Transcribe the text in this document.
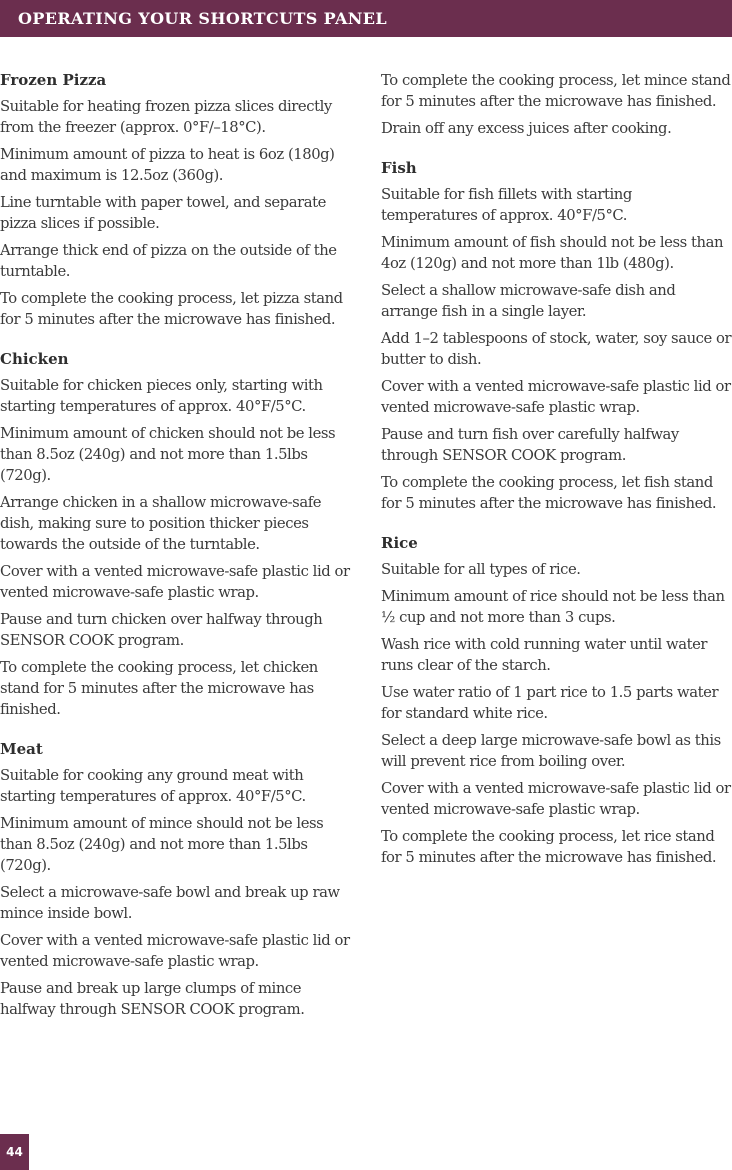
OPERATING YOUR SHORTCUTS PANEL
Frozen Pizza

Suitable for heating frozen pizza slices directly from the freezer (approx. 0°F/–18°C).

Minimum amount of pizza to heat is 6oz (180g) and maximum is 12.5oz (360g).

Line turntable with paper towel, and separate pizza slices if possible.

Arrange thick end of pizza on the outside of the turntable.

To complete the cooking process, let pizza stand for 5 minutes after the microwave has finished.

Chicken

Suitable for chicken pieces only, starting with starting temperatures of approx. 40°F/5°C.

Minimum amount of chicken should not be less than 8.5oz (240g) and not more than 1.5lbs (720g).

Arrange chicken in a shallow microwave-safe dish, making sure to position thicker pieces towards the outside of the turntable.

Cover with a vented microwave-safe plastic lid or vented microwave-safe plastic wrap.

Pause and turn chicken over halfway through SENSOR COOK program.

To complete the cooking process, let chicken stand for 5 minutes after the microwave has finished.

Meat

Suitable for cooking any ground meat with starting temperatures of approx. 40°F/5°C.

Minimum amount of mince should not be less than 8.5oz (240g) and not more than 1.5lbs (720g).

Select a microwave-safe bowl and break up raw mince inside bowl.

Cover with a vented microwave-safe plastic lid or vented microwave-safe plastic wrap.

Pause and break up large clumps of mince halfway through SENSOR COOK program.

To complete the cooking process, let mince stand for 5 minutes after the microwave has finished.

Drain off any excess juices after cooking.

Fish

Suitable for fish fillets with starting temperatures of approx. 40°F/5°C.

Minimum amount of fish should not be less than 4oz (120g) and not more than 1lb (480g).

Select a shallow microwave-safe dish and arrange fish in a single layer.

Add 1–2 tablespoons of stock, water, soy sauce or butter to dish.

Cover with a vented microwave-safe plastic lid or vented microwave-safe plastic wrap.

Pause and turn fish over carefully halfway through SENSOR COOK program.

To complete the cooking process, let fish stand for 5 minutes after the microwave has finished.

Rice

Suitable for all types of rice.

Minimum amount of rice should not be less than ½ cup and not more than 3 cups.

Wash rice with cold running water until water runs clear of the starch.

Use water ratio of 1 part rice to 1.5 parts water for standard white rice.

Select a deep large microwave-safe bowl as this will prevent rice from boiling over.

Cover with a vented microwave-safe plastic lid or vented microwave-safe plastic wrap.

To complete the cooking process, let rice stand for 5 minutes after the microwave has finished.

44
